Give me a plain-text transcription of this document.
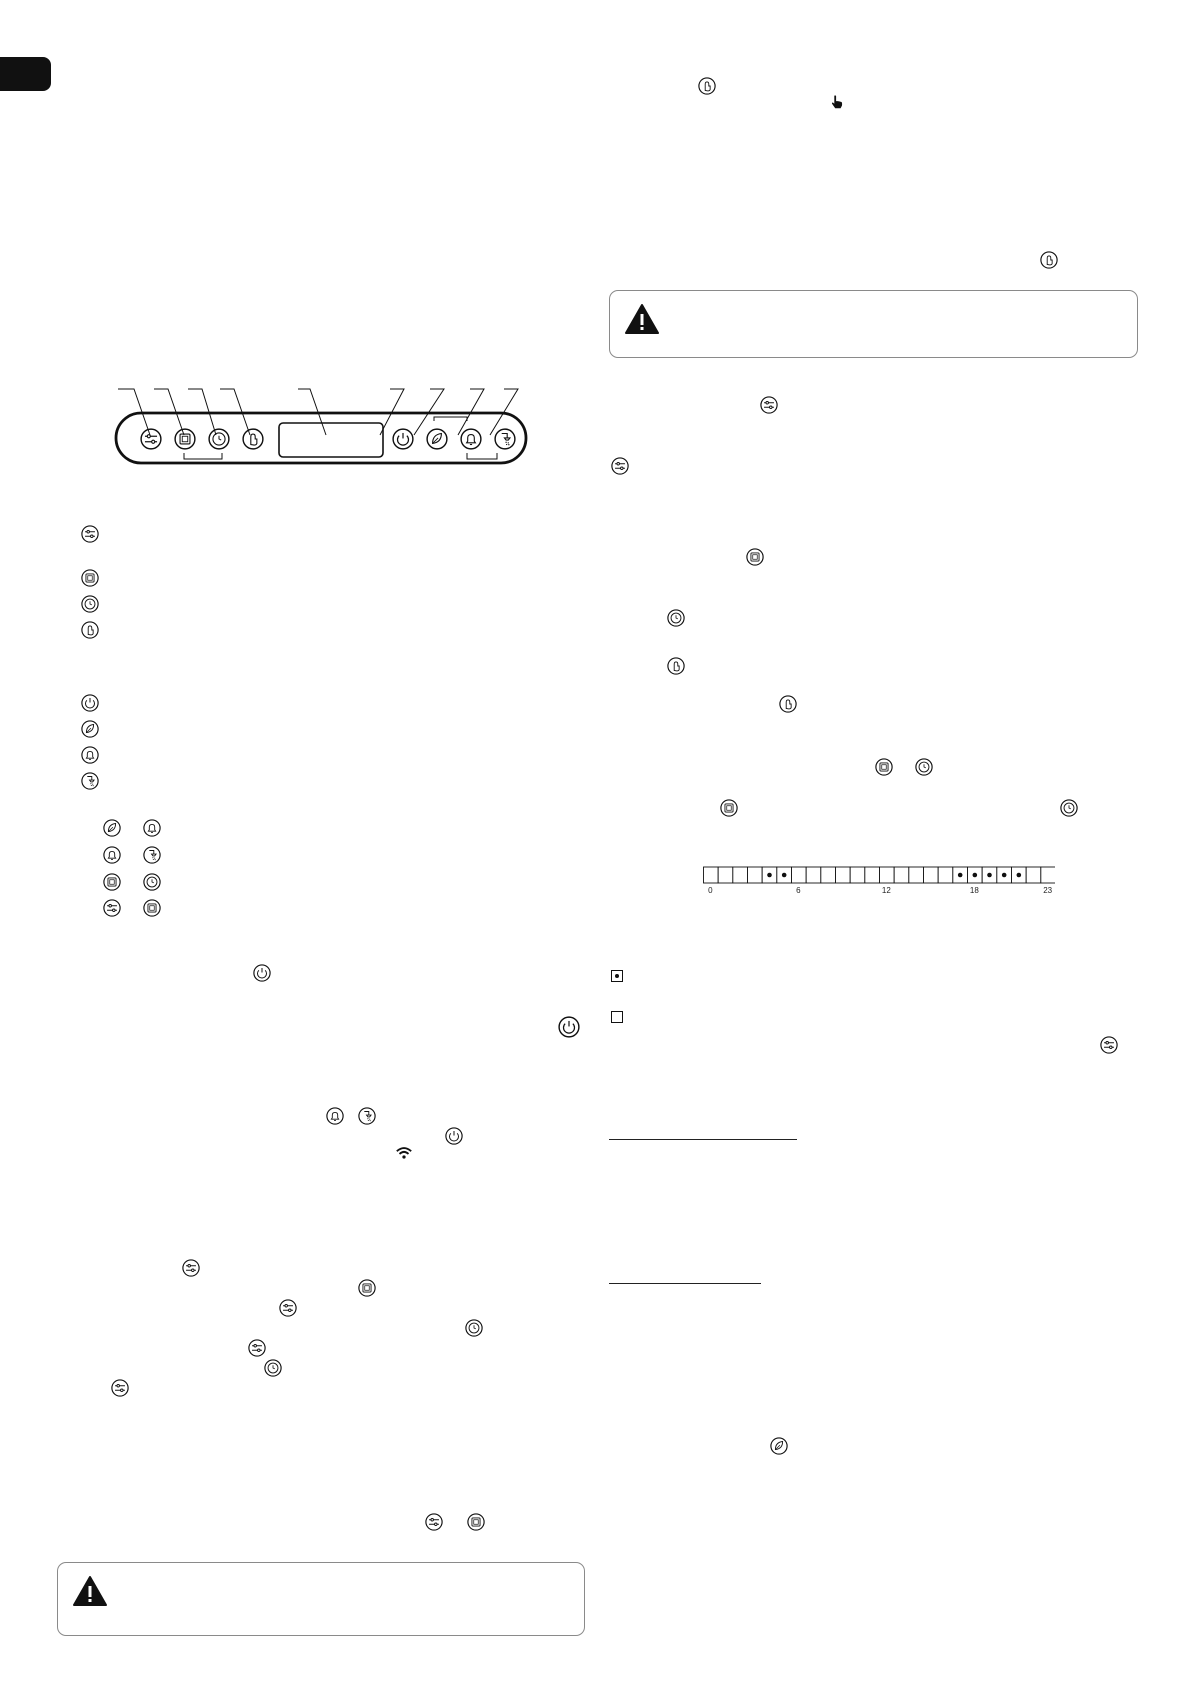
0	6	12	18	23
